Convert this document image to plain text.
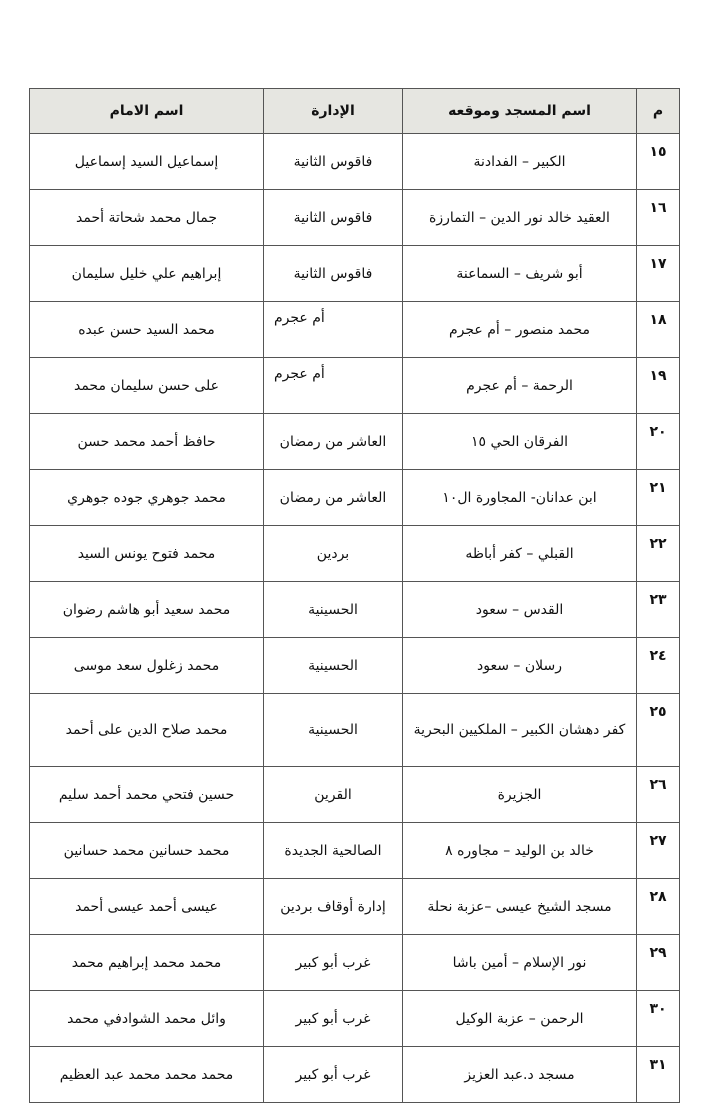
م	اسم المسجد وموقعه	الإدارة	اسم الامام
١٥	الكبير – الفدادنة	فاقوس الثانية	إسماعيل السيد إسماعيل
١٦	العقيد خالد نور الدين – التمارزة	فاقوس الثانية	جمال محمد شحاتة أحمد
١٧	أبو شريف – السماعنة	فاقوس الثانية	إبراهيم علي خليل سليمان
١٨	محمد منصور – أم عجرم	أم عجرم	محمد السيد حسن عبده
١٩	الرحمة – أم عجرم	أم عجرم	على حسن سليمان محمد
٢٠	الفرقان الحي ١٥	العاشر من رمضان	حافظ أحمد محمد حسن
٢١	ابن عدانان- المجاورة ال١٠	العاشر من رمضان	محمد جوهري جوده جوهري
٢٢	القبلي – كفر أباظه	بردين	محمد فتوح يونس السيد
٢٣	القدس – سعود	الحسينية	محمد سعيد أبو هاشم رضوان
٢٤	رسلان – سعود	الحسينية	محمد زغلول سعد موسى
٢٥	كفر دهشان الكبير – الملكيين البحرية	الحسينية	محمد صلاح الدين على أحمد
٢٦	الجزيرة	القرين	حسين فتحي محمد أحمد سليم
٢٧	خالد بن الوليد – مجاوره ٨	الصالحية الجديدة	محمد حسانين محمد حسانين
٢٨	مسجد الشيخ عيسى –عزبة نحلة	إدارة أوقاف بردين	عيسى أحمد عيسى أحمد
٢٩	نور الإسلام – أمين باشا	غرب أبو كبير	محمد محمد إبراهيم محمد
٣٠	الرحمن – عزبة الوكيل	غرب أبو كبير	وائل محمد الشوادفي محمد
٣١	مسجد د.عبد العزيز	غرب أبو كبير	محمد محمد محمد عبد العظيم
